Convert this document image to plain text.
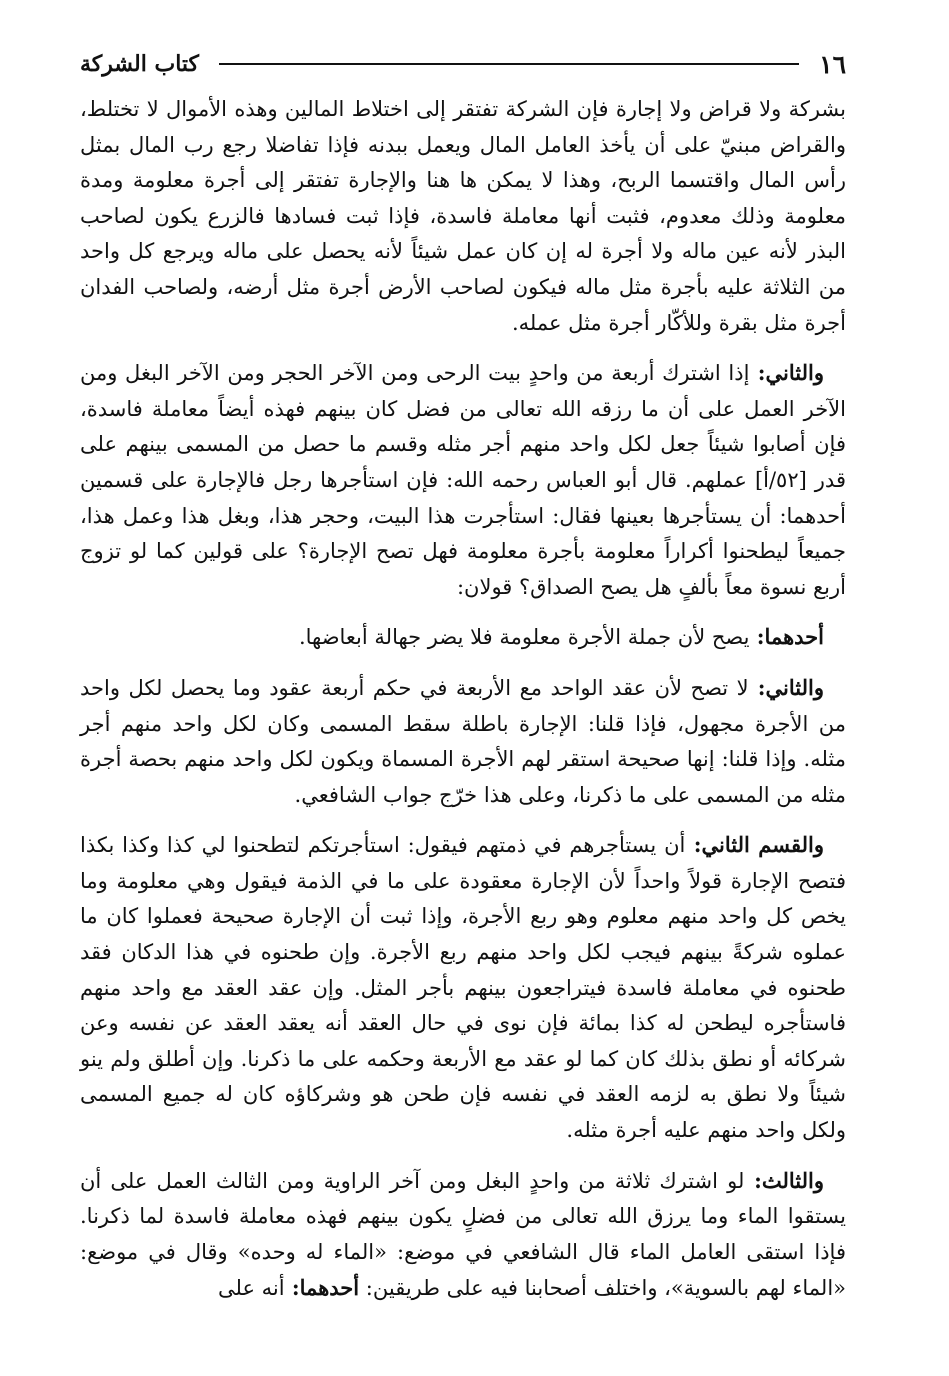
١٦
كتاب الشركة

بشركة ولا قراض ولا إجارة فإن الشركة تفتقر إلى اختلاط المالين وهذه الأموال لا تختلط، والقراض مبنيّ على أن يأخذ العامل المال ويعمل ببدنه فإذا تفاضلا رجع رب المال بمثل رأس المال واقتسما الربح، وهذا لا يمكن ها هنا والإجارة تفتقر إلى أجرة معلومة ومدة معلومة وذلك معدوم، فثبت أنها معاملة فاسدة، فإذا ثبت فسادها فالزرع يكون لصاحب البذر لأنه عين ماله ولا أجرة له إن كان عمل شيئاً لأنه يحصل على ماله ويرجع كل واحد من الثلاثة عليه بأجرة مثل ماله فيكون لصاحب الأرض أجرة مثل أرضه، ولصاحب الفدان أجرة مثل بقرة وللأكّار أجرة مثل عمله.

والثاني: إذا اشترك أربعة من واحدٍ بيت الرحى ومن الآخر الحجر ومن الآخر البغل ومن الآخر العمل على أن ما رزقه الله تعالى من فضل كان بينهم فهذه أيضاً معاملة فاسدة، فإن أصابوا شيئاً جعل لكل واحد منهم أجر مثله وقسم ما حصل من المسمى بينهم على قدر [٥٢/أ] عملهم. قال أبو العباس رحمه الله: فإن استأجرها رجل فالإجارة على قسمين أحدهما: أن يستأجرها بعينها فقال: استأجرت هذا البيت، وحجر هذا، وبغل هذا وعمل هذا، جميعاً ليطحنوا أكراراً معلومة بأجرة معلومة فهل تصح الإجارة؟ على قولين كما لو تزوج أربع نسوة معاً بألفٍ هل يصح الصداق؟ قولان:

أحدهما: يصح لأن جملة الأجرة معلومة فلا يضر جهالة أبعاضها.

والثاني: لا تصح لأن عقد الواحد مع الأربعة في حكم أربعة عقود وما يحصل لكل واحد من الأجرة مجهول، فإذا قلنا: الإجارة باطلة سقط المسمى وكان لكل واحد منهم أجر مثله. وإذا قلنا: إنها صحيحة استقر لهم الأجرة المسماة ويكون لكل واحد منهم بحصة أجرة مثله من المسمى على ما ذكرنا، وعلى هذا خرّج جواب الشافعي.

والقسم الثاني: أن يستأجرهم في ذمتهم فيقول: استأجرتكم لتطحنوا لي كذا وكذا بكذا فتصح الإجارة قولاً واحداً لأن الإجارة معقودة على ما في الذمة فيقول وهي معلومة وما يخص كل واحد منهم معلوم وهو ربع الأجرة، وإذا ثبت أن الإجارة صحيحة فعملوا كان ما عملوه شركةً بينهم فيجب لكل واحد منهم ربع الأجرة. وإن طحنوه في هذا الدكان فقد طحنوه في معاملة فاسدة فيتراجعون بينهم بأجر المثل. وإن عقد العقد مع واحد منهم فاستأجره ليطحن له كذا بمائة فإن نوى في حال العقد أنه يعقد العقد عن نفسه وعن شركائه أو نطق بذلك كان كما لو عقد مع الأربعة وحكمه على ما ذكرنا. وإن أطلق ولم ينو شيئاً ولا نطق به لزمه العقد في نفسه فإن طحن هو وشركاؤه كان له جميع المسمى ولكل واحد منهم عليه أجرة مثله.

والثالث: لو اشترك ثلاثة من واحدٍ البغل ومن آخر الراوية ومن الثالث العمل على أن يستقوا الماء وما يرزق الله تعالى من فضلٍ يكون بينهم فهذه معاملة فاسدة لما ذكرنا. فإذا استقى العامل الماء قال الشافعي في موضع: «الماء له وحده» وقال في موضع: «الماء لهم بالسوية»، واختلف أصحابنا فيه على طريقين: أحدهما: أنه على
